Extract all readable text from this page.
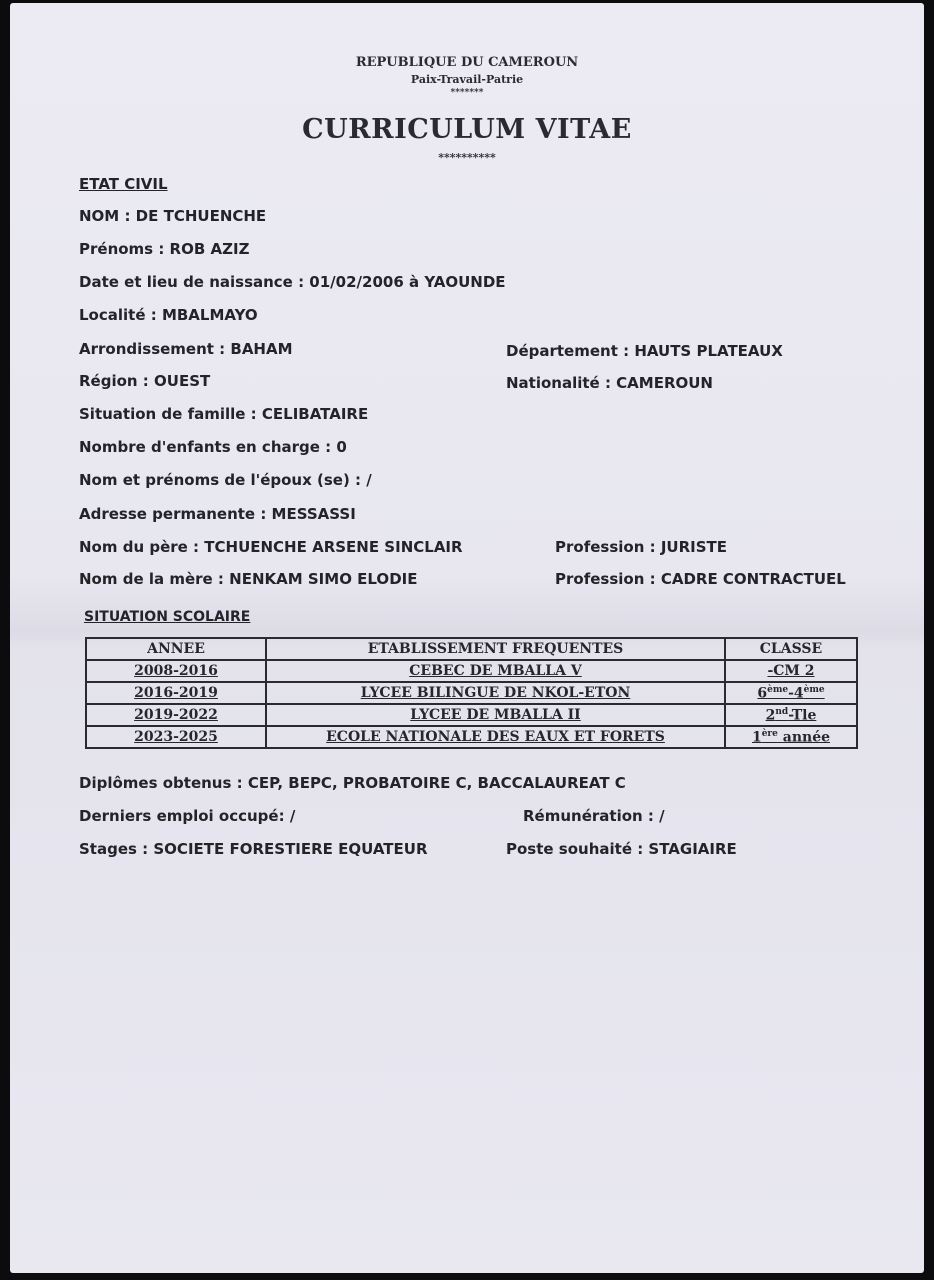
REPUBLIQUE DU CAMEROUN
Paix-Travail-Patrie
*******
CURRICULUM VITAE
**********
ETAT CIVIL
NOM : DE TCHUENCHE
Prénoms : ROB AZIZ
Date et lieu de naissance : 01/02/2006 à YAOUNDE
Localité : MBALMAYO
Arrondissement : BAHAM	Département : HAUTS PLATEAUX
Région : OUEST	Nationalité : CAMEROUN
Situation de famille : CELIBATAIRE
Nombre d'enfants en charge : 0
Nom et prénoms de l'époux (se) : /
Adresse permanente : MESSASSI
Nom du père : TCHUENCHE ARSENE SINCLAIR	Profession : JURISTE
Nom de la mère : NENKAM SIMO ELODIE	Profession : CADRE CONTRACTUEL
SITUATION SCOLAIRE
ANNEE	ETABLISSEMENT FREQUENTES	CLASSE
2008-2016	CEBEC DE MBALLA V	-CM 2
2016-2019	LYCEE BILINGUE DE NKOL-ETON	6ème-4ème
2019-2022	LYCEE DE MBALLA II	2nd-Tle
2023-2025	ECOLE NATIONALE DES EAUX ET FORETS	1ère année
Diplômes obtenus : CEP, BEPC, PROBATOIRE C, BACCALAUREAT C
Derniers emploi occupé: /	Rémunération : /
Stages : SOCIETE FORESTIERE EQUATEUR	Poste souhaité : STAGIAIRE
